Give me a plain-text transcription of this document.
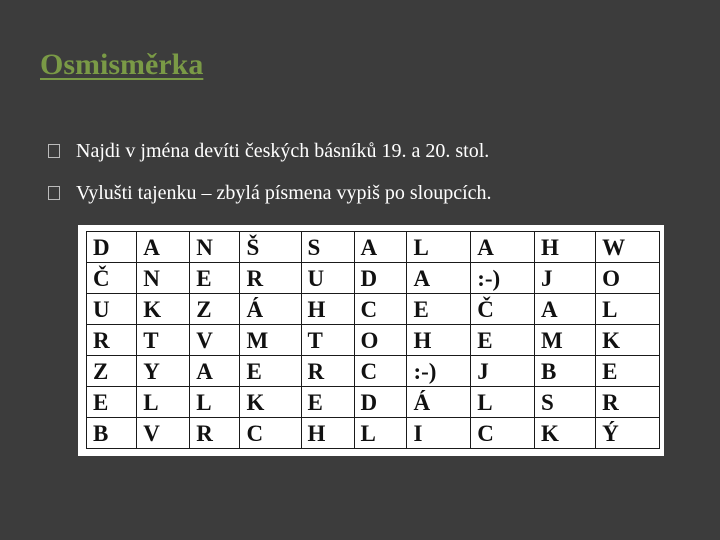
Osmisměrka
Najdi v jména devíti českých básníků 19. a 20. stol.
Vylušti tajenku – zbylá písmena vypiš po sloupcích.
D	A	N	Š	S	A	L	A	H	W
Č	N	E	R	U	D	A	:-)	J	O
U	K	Z	Á	H	C	E	Č	A	L
R	T	V	M	T	O	H	E	M	K
Z	Y	A	E	R	C	:-)	J	B	E
E	L	L	K	E	D	Á	L	S	R
B	V	R	C	H	L	I	C	K	Ý
